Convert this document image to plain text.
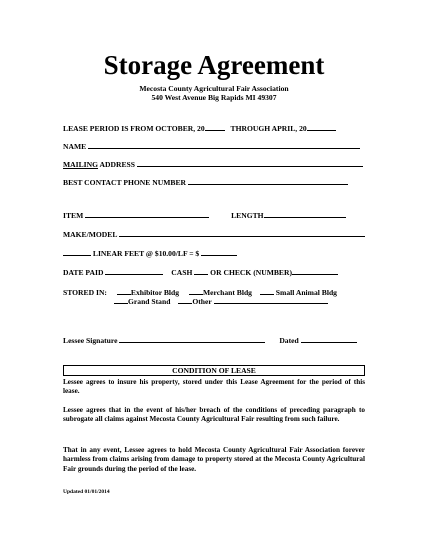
Storage Agreement
Mecosta County Agricultural Fair Association
540 West Avenue Big Rapids MI 49307
LEASE PERIOD IS FROM OCTOBER, 20	THROUGH APRIL, 20
NAME
MAILING ADDRESS
BEST CONTACT PHONE NUMBER
ITEM	LENGTH
MAKE/MODEL
LINEAR FEET @ $10.00/LF = $
DATE PAID	CASH OR CHECK (NUMBER)
STORED IN:	Exhibitor Bldg	Merchant Bldg	Small Animal Bldg
Grand Stand	Other
Lessee Signature	Dated
CONDITION OF LEASE
Lessee agrees to insure his property, stored under this Lease Agreement for the period of this lease.
Lessee agrees that in the event of his/her breach of the conditions of preceding paragraph to subrogate all claims against Mecosta County Agricultural Fair resulting from such failure.
That in any event, Lessee agrees to hold Mecosta County Agricultural Fair Association forever harmless from claims arising from damage to property stored at the Mecosta County Agricultural Fair grounds during the period of the lease.
Updated 01/01/2014
